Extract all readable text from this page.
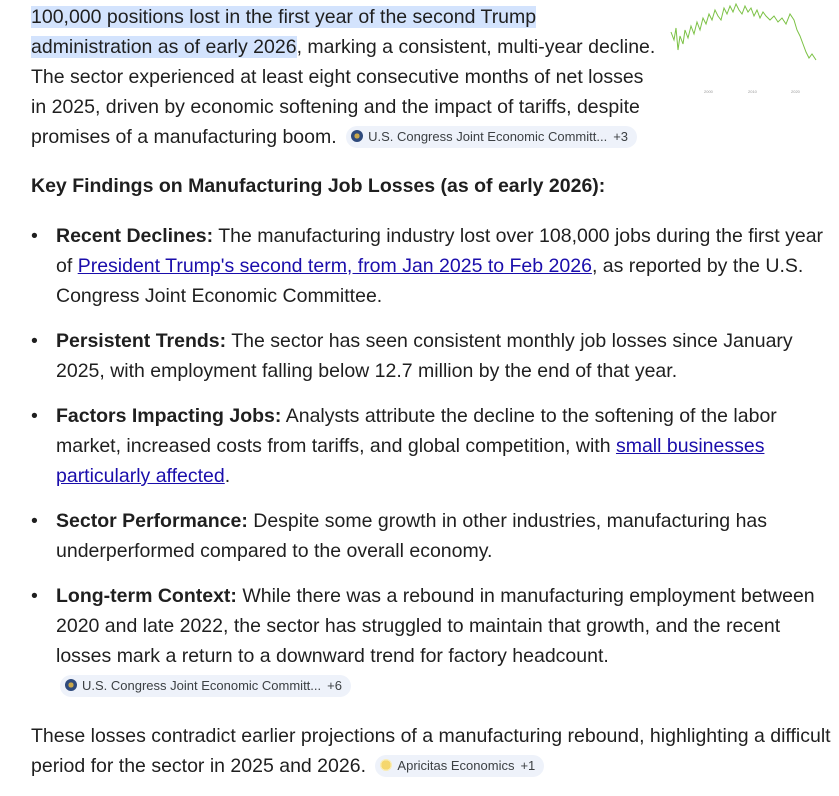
2000	2010	2020

100,000 positions lost in the first year of the second Trump administration as of early 2026, marking a consistent, multi-year decline. The sector experienced at least eight consecutive months of net losses in 2025, driven by economic softening and the impact of tariffs, despite promises of a manufacturing boom. U.S. Congress Joint Economic Committ... +3

Key Findings on Manufacturing Job Losses (as of early 2026):
• Recent Declines: The manufacturing industry lost over 108,000 jobs during the first year of President Trump's second term, from Jan 2025 to Feb 2026, as reported by the U.S. Congress Joint Economic Committee.
• Persistent Trends: The sector has seen consistent monthly job losses since January 2025, with employment falling below 12.7 million by the end of that year.
• Factors Impacting Jobs: Analysts attribute the decline to the softening of the labor market, increased costs from tariffs, and global competition, with small businesses particularly affected.
• Sector Performance: Despite some growth in other industries, manufacturing has underperformed compared to the overall economy.
• Long-term Context: While there was a rebound in manufacturing employment between 2020 and late 2022, the sector has struggled to maintain that growth, and the recent losses mark a return to a downward trend for factory headcount. U.S. Congress Joint Economic Committ... +6

These losses contradict earlier projections of a manufacturing rebound, highlighting a difficult period for the sector in 2025 and 2026. Apricitas Economics +1
